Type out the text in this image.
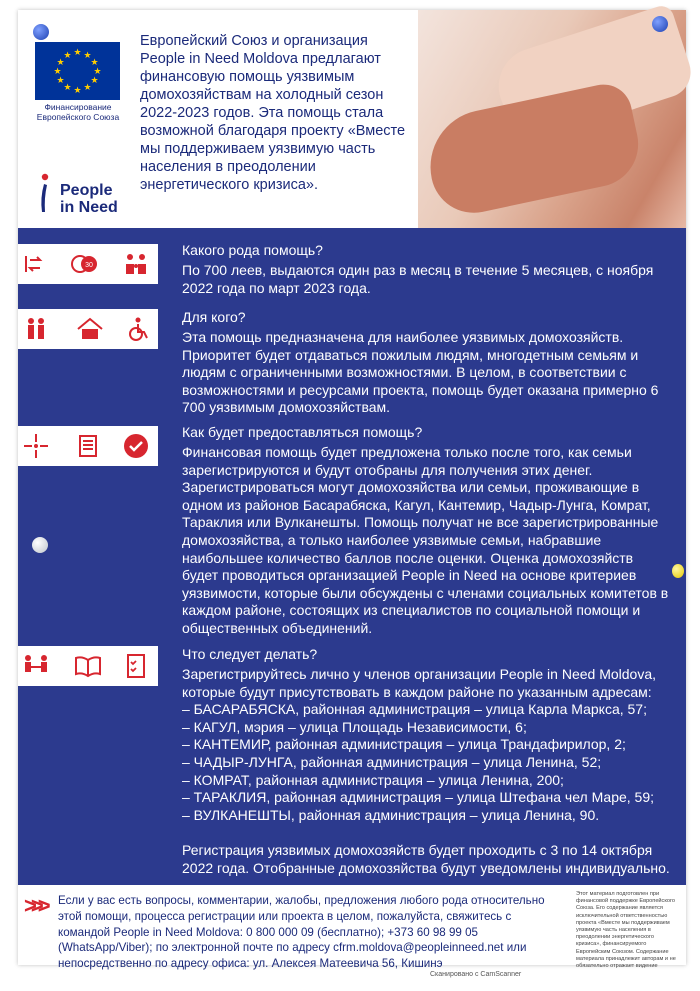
★ ★
★
★
★
★
★
★
★
★
★
★
Финансирование Европейского Союза
People
in Need
Европейский Союз и организация People in Need Moldova предлагают финансовую помощь уязвимым домохозяйствам на холодный сезон 2022-2023 годов. Эта помощь стала возможной благодаря проекту «Вместе мы поддерживаем уязвимую часть населения в преодолении энергетического кризиса».
30
Какого рода помощь?
По 700 леев, выдаются один раз в месяц в течение 5 месяцев, с ноября 2022 года по март 2023 года.
Для кого?
Эта помощь предназначена для наиболее уязвимых домохозяйств. Приоритет будет отдаваться пожилым людям, многодетным семьям и людям с ограниченными возможностями. В целом, в соответствии с возможностями и ресурсами проекта, помощь будет оказана примерно 6 700 уязвимым домохозяйствам.
Как будет предоставляться помощь?
Финансовая помощь будет предложена только после того, как семьи зарегистрируются и будут отобраны для получения этих денег. Зарегистрироваться могут домохозяйства или семьи, проживающие в одном из районов Басарабяска, Кагул, Кантемир, Чадыр-Лунга, Комрат, Тараклия или Вулканешты. Помощь получат не все зарегистрированные домохозяйства, а только наиболее уязвимые семьи, набравшие наибольшее количество баллов после оценки. Оценка домохозяйств будет проводиться организацией People in Need на основе критериев уязвимости, которые были обсуждены с членами социальных комитетов в каждом районе, состоящих из специалистов по социальной помощи и общественных объединений.
Что следует делать?
Зарегистрируйтесь лично у членов организации People in Need Moldova, которые будут присутствовать в каждом районе по указанным адресам:
– БАСАРАБЯСКА, районная администрация – улица Карла Маркса, 57;
– КАГУЛ, мэрия – улица Площадь Независимости, 6;
– КАНТЕМИР, районная администрация – улица Трандафирилор, 2;
– ЧАДЫР-ЛУНГА, районная администрация – улица Ленина, 52;
– КОМРАТ, районная администрация – улица Ленина, 200;
– ТАРАКЛИЯ, районная администрация – улица Штефана чел Маре, 59;
– ВУЛКАНЕШТЫ, районная администрация – улица Ленина, 90.
Регистрация уязвимых домохозяйств будет проходить с 3 по 14 октября 2022 года. Отобранные домохозяйства будут уведомлены индивидуально.
>>> Если у вас есть вопросы, комментарии, жалобы, предложения любого рода относительно этой помощи, процесса регистрации или проекта в целом, пожалуйста, свяжитесь с командой People in Need Moldova: 0 800 000 09 (бесплатно); +373 60 98 99 05 (WhatsApp/Viber); по электронной почте по адресу cfrm.moldova@peopleinneed.net или непосредственно по адресу офиса: ул. Алексея Матеевича 56, Кишинэ
Этот материал подготовлен при финансовой поддержке Европейского Союза. Его содержание является исключительной ответственностью проекта «Вместе мы поддерживаем уязвимую часть населения в преодолении энергетического кризиса», финансируемого Европейским Союзом. Содержание материала принадлежит авторам и не обязательно отражает видение
Сканировано с CamScanner
